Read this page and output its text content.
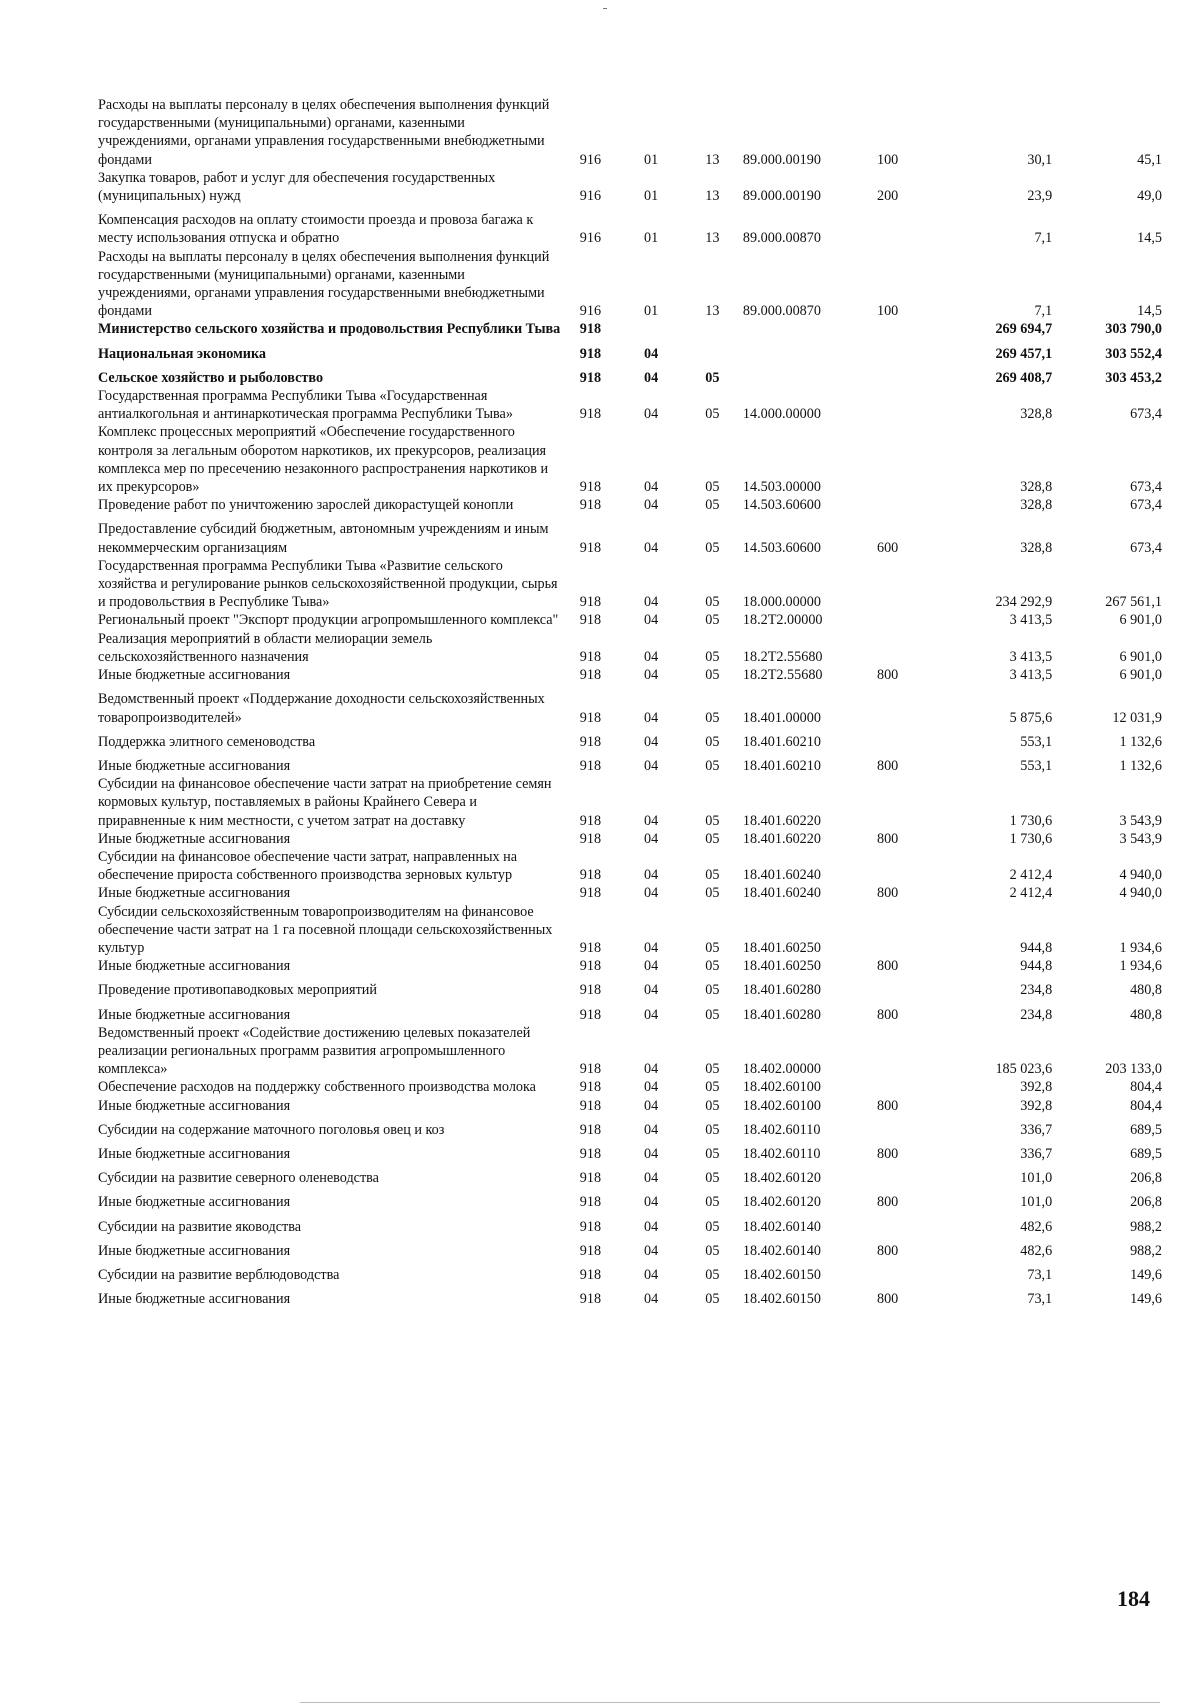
Расходы на выплаты персоналу в целях обеспечения выполнения функций государственными (муниципальными) органами, казенными учреждениями, органами управления государственными внебюджетными фондами	916	01	13	89.000.00190	100	30,1	45,1
Закупка товаров, работ и услуг для обеспечения государственных (муниципальных) нужд	916	01	13	89.000.00190	200	23,9	49,0
Компенсация расходов на оплату стоимости проезда и провоза багажа к месту использования отпуска и обратно	916	01	13	89.000.00870		7,1	14,5
Расходы на выплаты персоналу в целях обеспечения выполнения функций государственными (муниципальными) органами, казенными учреждениями, органами управления государственными внебюджетными фондами	916	01	13	89.000.00870	100	7,1	14,5
Министерство сельского хозяйства и продовольствия Республики Тыва	918					269 694,7	303 790,0
Национальная экономика	918	04				269 457,1	303 552,4
Сельское хозяйство и рыболовство	918	04	05			269 408,7	303 453,2
Государственная программа Республики Тыва «Государственная антиалкогольная и антинаркотическая программа Республики Тыва»	918	04	05	14.000.00000		328,8	673,4
Комплекс процессных мероприятий «Обеспечение государственного контроля за легальным оборотом наркотиков, их прекурсоров, реализация комплекса мер по пресечению незаконного распространения наркотиков и их прекурсоров»	918	04	05	14.503.00000		328,8	673,4
Проведение работ по уничтожению зарослей дикорастущей конопли	918	04	05	14.503.60600		328,8	673,4
Предоставление субсидий бюджетным, автономным учреждениям и иным некоммерческим организациям	918	04	05	14.503.60600	600	328,8	673,4
Государственная программа Республики Тыва «Развитие сельского хозяйства и регулирование рынков сельскохозяйственной продукции, сырья и продовольствия в Республике Тыва»	918	04	05	18.000.00000		234 292,9	267 561,1
Региональный проект "Экспорт продукции агропромышленного комплекса"	918	04	05	18.2Т2.00000		3 413,5	6 901,0
Реализация мероприятий в области мелиорации земель сельскохозяйственного назначения	918	04	05	18.2Т2.55680		3 413,5	6 901,0
Иные бюджетные ассигнования	918	04	05	18.2Т2.55680	800	3 413,5	6 901,0
Ведомственный проект «Поддержание доходности сельскохозяйственных товаропроизводителей»	918	04	05	18.401.00000		5 875,6	12 031,9
Поддержка элитного семеноводства	918	04	05	18.401.60210		553,1	1 132,6
Иные бюджетные ассигнования	918	04	05	18.401.60210	800	553,1	1 132,6
Субсидии на финансовое обеспечение части затрат на приобретение семян кормовых культур, поставляемых в районы Крайнего Севера и приравненные к ним местности, с учетом затрат на доставку	918	04	05	18.401.60220		1 730,6	3 543,9
Иные бюджетные ассигнования	918	04	05	18.401.60220	800	1 730,6	3 543,9
Субсидии на финансовое обеспечение части затрат, направленных на обеспечение прироста собственного производства зерновых культур	918	04	05	18.401.60240		2 412,4	4 940,0
Иные бюджетные ассигнования	918	04	05	18.401.60240	800	2 412,4	4 940,0
Субсидии сельскохозяйственным товаропроизводителям на финансовое обеспечение части затрат на 1 га посевной площади сельскохозяйственных культур	918	04	05	18.401.60250		944,8	1 934,6
Иные бюджетные ассигнования	918	04	05	18.401.60250	800	944,8	1 934,6
Проведение противопаводковых мероприятий	918	04	05	18.401.60280		234,8	480,8
Иные бюджетные ассигнования	918	04	05	18.401.60280	800	234,8	480,8
Ведомственный проект «Содействие достижению целевых показателей реализации региональных программ развития агропромышленного комплекса»	918	04	05	18.402.00000		185 023,6	203 133,0
Обеспечение расходов на поддержку собственного производства молока	918	04	05	18.402.60100		392,8	804,4
Иные бюджетные ассигнования	918	04	05	18.402.60100	800	392,8	804,4
Субсидии на содержание маточного поголовья овец и коз	918	04	05	18.402.60110		336,7	689,5
Иные бюджетные ассигнования	918	04	05	18.402.60110	800	336,7	689,5
Субсидии на развитие северного оленеводства	918	04	05	18.402.60120		101,0	206,8
Иные бюджетные ассигнования	918	04	05	18.402.60120	800	101,0	206,8
Субсидии на развитие яководства	918	04	05	18.402.60140		482,6	988,2
Иные бюджетные ассигнования	918	04	05	18.402.60140	800	482,6	988,2
Субсидии на развитие верблюдоводства	918	04	05	18.402.60150		73,1	149,6
Иные бюджетные ассигнования	918	04	05	18.402.60150	800	73,1	149,6
184
